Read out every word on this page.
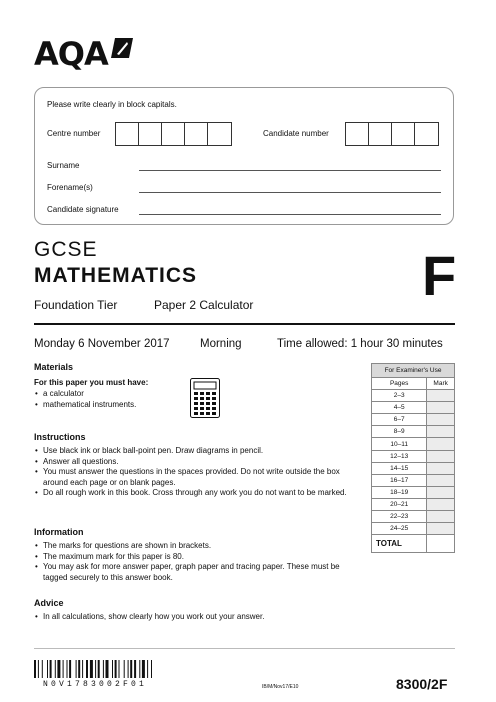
AQA
Please write clearly in block capitals.
Centre number	Candidate number
Surname
Forename(s)
Candidate signature
GCSE
MATHEMATICS
Foundation Tier	Paper 2 Calculator	F
Monday 6 November 2017	Morning	Time allowed: 1 hour 30 minutes
Materials
For this paper you must have:
• a calculator
• mathematical instruments.
Instructions
• Use black ink or black ball-point pen. Draw diagrams in pencil.
• Answer all questions.
• You must answer the questions in the spaces provided. Do not write outside the box around each page or on blank pages.
• Do all rough work in this book. Cross through any work you do not want to be marked.
Information
• The marks for questions are shown in brackets.
• The maximum mark for this paper is 80.
• You may ask for more answer paper, graph paper and tracing paper. These must be tagged securely to this answer book.
Advice
• In all calculations, show clearly how you work out your answer.
For Examiner's Use	
Pages	Mark
2–3	
4–5	
6–7	
8–9	
10–11	
12–13	
14–15	
16–17	
18–19	
20–21	
22–23	
24–25	
TOTAL	
N0V1783002F01	IB/M/Nov17/E10	8300/2F
